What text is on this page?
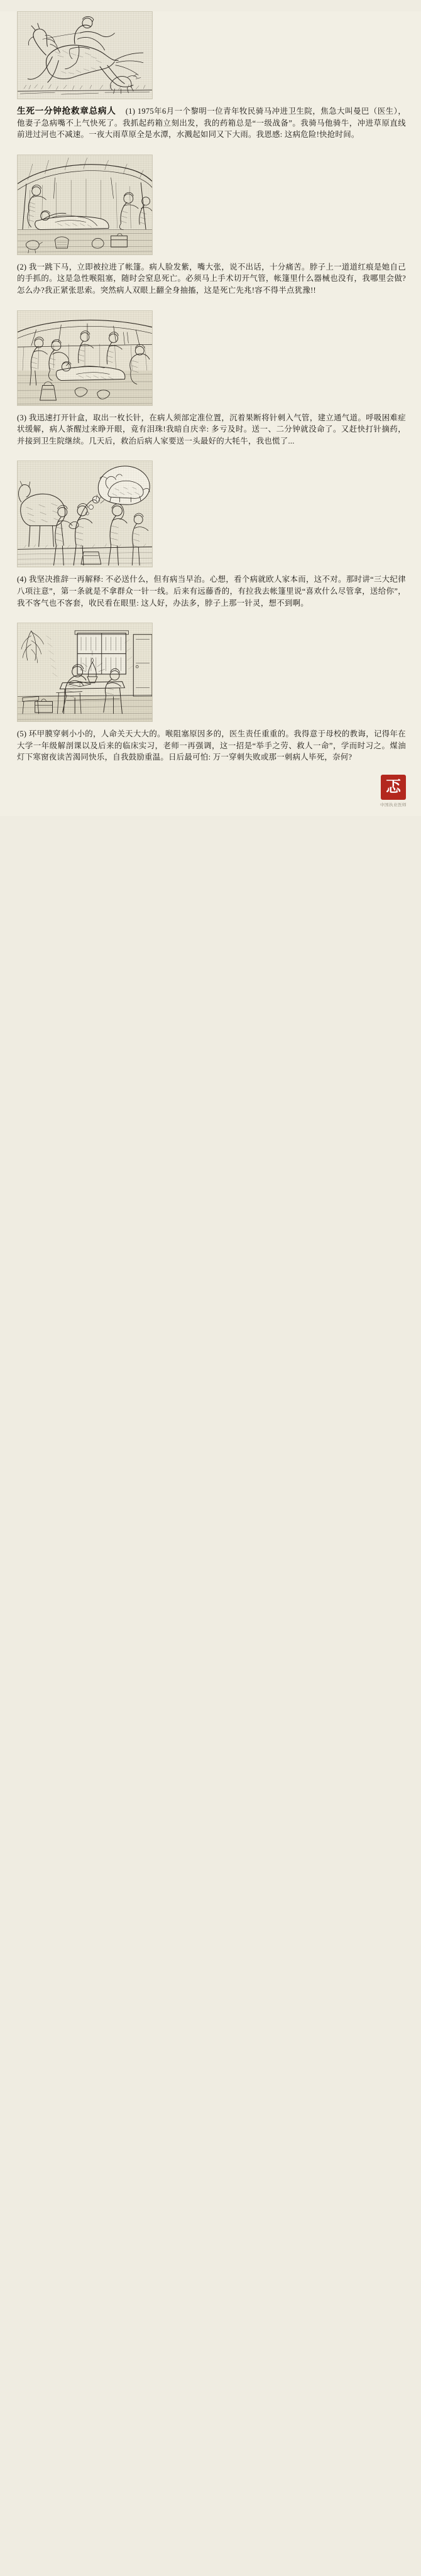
生死一分钟抢救章总病人 (1) 1975年6月一个黎明一位青年牧民骑马冲进卫生院，焦急大叫曼巴（医生），他妻子急病嘴不上气快死了。我抓起药箱立刻出发，我的药箱总是“一级战备”。我骑马他骑牛，冲进草原直线前进过河也不减速。一夜大雨草原全是水潭，水溅起如同又下大雨。我恩感: 这病危险!快抢时间。
(2) 我一跳下马，立即被拉进了帐篷。病人脸发紫，嘴大张，说不出话，十分痛苦。脖子上一道道红痕是她自己的手抓的。这是急性喉阻塞，随时会窒息死亡。必须马上手术切开气管，帐篷里什么器械也没有，我哪里会做?怎么办?我正紧张思索。突然病人双眼上翻全身抽搐，这是死亡先兆!容不得半点犹豫!!
(3) 我迅速打开针盒，取出一枚长针，在病人须部定准位置，沉着果断将针刺入气管，建立通气道。呼吸困难症状缓解，病人茶醒过来睁开眼，竟有泪珠!我暗自庆幸: 多亏及时。送一、二分钟就没命了。又赶快打针摘药，并接到卫生院继续。几天后，救治后病人家要送一头最好的大牦牛，我也慌了...
(4) 我坚决推辞一再解释: 不必送什么，但有病当早治。心想，看个病就欧人家本而，这不对。那时讲“三大纪律八项注意”，第一条就是不拿群众一针一线。后来有远藤香的，有拉我去帐篷里说“喜欢什么尽管拿，送给你”，我不客气也不客套，收民看在眼里: 这人好，办法多，脖子上那一针灵，想不到啊。
(5) 环甲膜穿刺小小的，人命关天大大的。喉阻塞原因多的，医生责任重重的。我得意于母校的教诲，记得年在大学一年级解剖课以及后来的临床实习，老师一再强调，这一招是“举手之劳、救人一命”，学而时习之。煤油灯下寒窗夜读苦渴同快乐，自我鼓励重温。日后最可怕: 万一穿刺失败或那一刺病人毕死，奈何?
忑
中国执业医师
